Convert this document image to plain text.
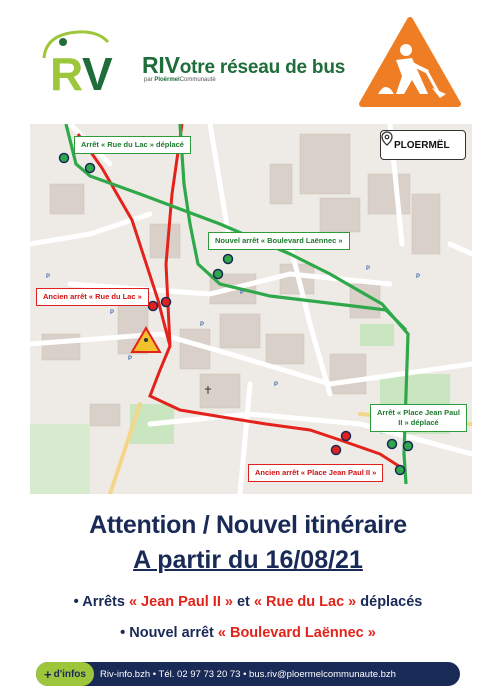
R
V RIVotre réseau de bus
par PloërmelCommunauté
P
P
P
P
P
P
P
P
PLOERMËL
Arrêt « Rue du Lac » déplacé
Nouvel arrêt « Boulevard Laënnec »
Ancien arrêt « Rue du Lac »
Arrêt « Place Jean Paul
II » déplacé
Ancien arrêt « Place Jean Paul II »
Attention / Nouvel itinéraire
A partir du 16/08/21
• Arrêts « Jean Paul II » et « Rue du Lac » déplacés
• Nouvel arrêt « Boulevard Laënnec »
+ d'infos Riv-info.bzh • Tél. 02 97 73 20 73 • bus.riv@ploermelcommunaute.bzh
